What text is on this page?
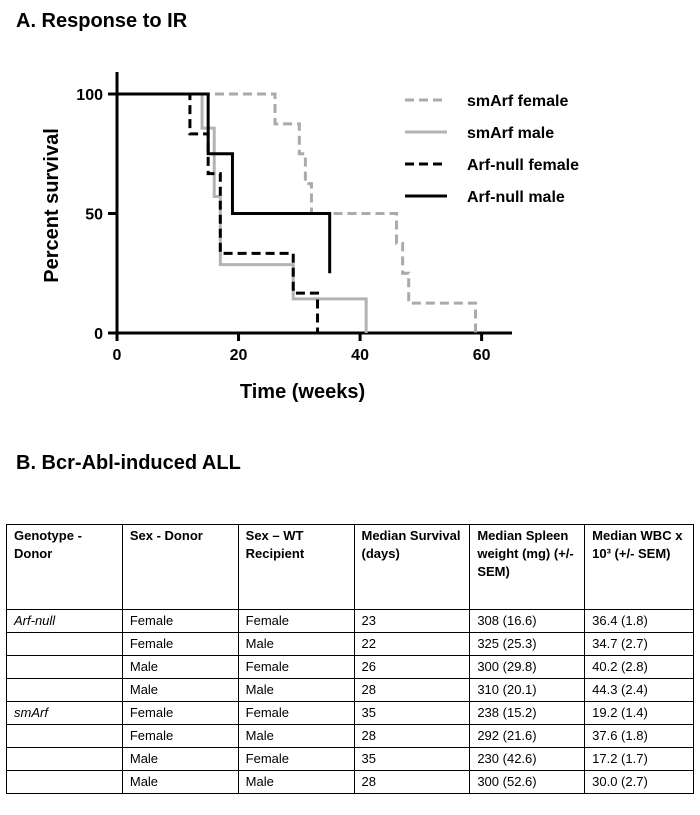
A. Response to IR
0	20	40	60
0
50
100	smArf female
smArf male
Arf-null female
Arf-null male
Time (weeks)
Percent survival
B. Bcr-Abl-induced ALL
Genotype - Donor	Sex - Donor	Sex – WT Recipient	Median Survival (days)	Median Spleen weight (mg) (+/- SEM)	Median WBC x 10³ (+/- SEM)
Arf-null	Female	Female	23	308 (16.6)	36.4 (1.8)
	Female	Male	22	325 (25.3)	34.7 (2.7)
	Male	Female	26	300 (29.8)	40.2 (2.8)
	Male	Male	28	310 (20.1)	44.3 (2.4)
smArf	Female	Female	35	238 (15.2)	19.2 (1.4)
	Female	Male	28	292 (21.6)	37.6 (1.8)
	Male	Female	35	230 (42.6)	17.2 (1.7)
	Male	Male	28	300 (52.6)	30.0 (2.7)
